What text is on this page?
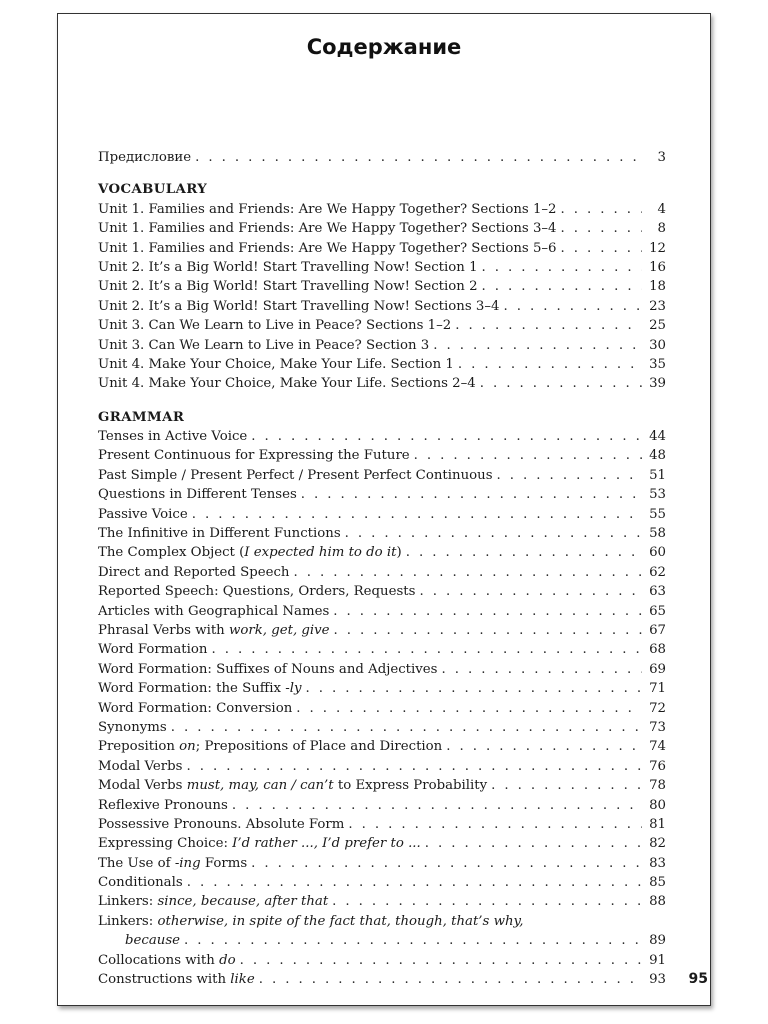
Содержание
Предисловие . . .	3
VOCABULARY
Unit 1. Families and Friends: Are We Happy Together? Sections 1–2 . . .	4
Unit 1. Families and Friends: Are We Happy Together? Sections 3–4 . . .	8
Unit 1. Families and Friends: Are We Happy Together? Sections 5–6 . . .	12
Unit 2. It’s a Big World! Start Travelling Now! Section 1 . . .	16
Unit 2. It’s a Big World! Start Travelling Now! Section 2 . . .	18
Unit 2. It’s a Big World! Start Travelling Now! Sections 3–4 . . .	23
Unit 3. Can We Learn to Live in Peace? Sections 1–2 . . .	25
Unit 3. Can We Learn to Live in Peace? Section 3 . . .	30
Unit 4. Make Your Choice, Make Your Life. Section 1 . . .	35
Unit 4. Make Your Choice, Make Your Life. Sections 2–4 . . .	39
GRAMMAR
Tenses in Active Voice . . .	44
Present Continuous for Expressing the Future . . .	48
Past Simple / Present Perfect / Present Perfect Continuous . . .	51
Questions in Different Tenses . . .	53
Passive Voice . . .	55
The Infinitive in Different Functions . . .	58
The Complex Object (I expected him to do it) . . .	60
Direct and Reported Speech . . .	62
Reported Speech: Questions, Orders, Requests . . .	63
Articles with Geographical Names . . .	65
Phrasal Verbs with work, get, give . . .	67
Word Formation . . .	68
Word Formation: Suffixes of Nouns and Adjectives . . .	69
Word Formation: the Suffix -ly . . .	71
Word Formation: Conversion . . .	72
Synonyms . . .	73
Preposition on; Prepositions of Place and Direction . . .	74
Modal Verbs . . .	76
Modal Verbs must, may, can / can’t to Express Probability . . .	78
Reflexive Pronouns . . .	80
Possessive Pronouns. Absolute Form . . .	81
Expressing Choice: I’d rather ..., I’d prefer to ... . . .	82
The Use of -ing Forms . . .	83
Conditionals . . .	85
Linkers: since, because, after that . . .	88
Linkers: otherwise, in spite of the fact that, though, that’s why,
because . . .	89
Collocations with do . . .	91
Constructions with like . . .	93 95
